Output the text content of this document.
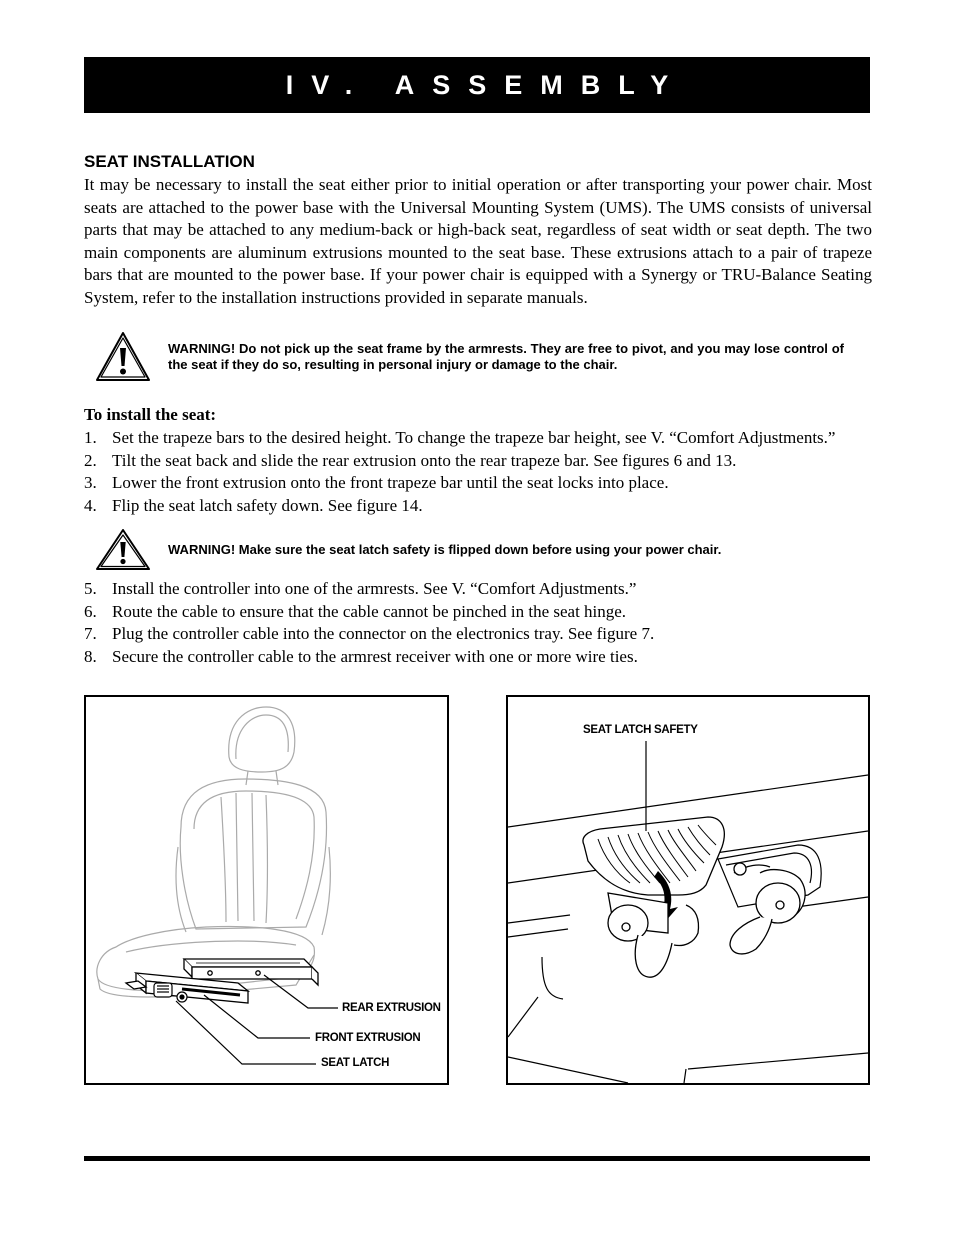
IV. ASSEMBLY
SEAT INSTALLATION
It may be necessary to install the seat either prior to initial operation or after transporting your power chair. Most seats are attached to the power base with the Universal Mounting System (UMS). The UMS consists of universal parts that may be attached to any medium-back or high-back seat, regardless of seat width or seat depth. The two main components are aluminum extrusions mounted to the seat base. These extrusions attach to a pair of trapeze bars that are mounted to the power base. If your power chair is equipped with a Synergy or TRU-Balance Seating System, refer to the installation instructions provided in separate manuals.
WARNING! Do not pick up the seat frame by the armrests. They are free to pivot, and you may lose control of the seat if they do so, resulting in personal injury or damage to the chair.
To install the seat:
1. Set the trapeze bars to the desired height. To change the trapeze bar height, see V. “Comfort Adjustments.”
2. Tilt the seat back and slide the rear extrusion onto the rear trapeze bar. See figures 6 and 13.
3. Lower the front extrusion onto the front trapeze bar until the seat locks into place.
4. Flip the seat latch safety down. See figure 14.
WARNING! Make sure the seat latch safety is flipped down before using your power chair.
5. Install the controller into one of the armrests. See V. “Comfort Adjustments.”
6. Route the cable to ensure that the cable cannot be pinched in the seat hinge.
7. Plug the controller cable into the connector on the electronics tray. See figure 7.
8. Secure the controller cable to the armrest receiver with one or more wire ties.
REAR EXTRUSION
FRONT EXTRUSION
SEAT LATCH
SEAT LATCH SAFETY
